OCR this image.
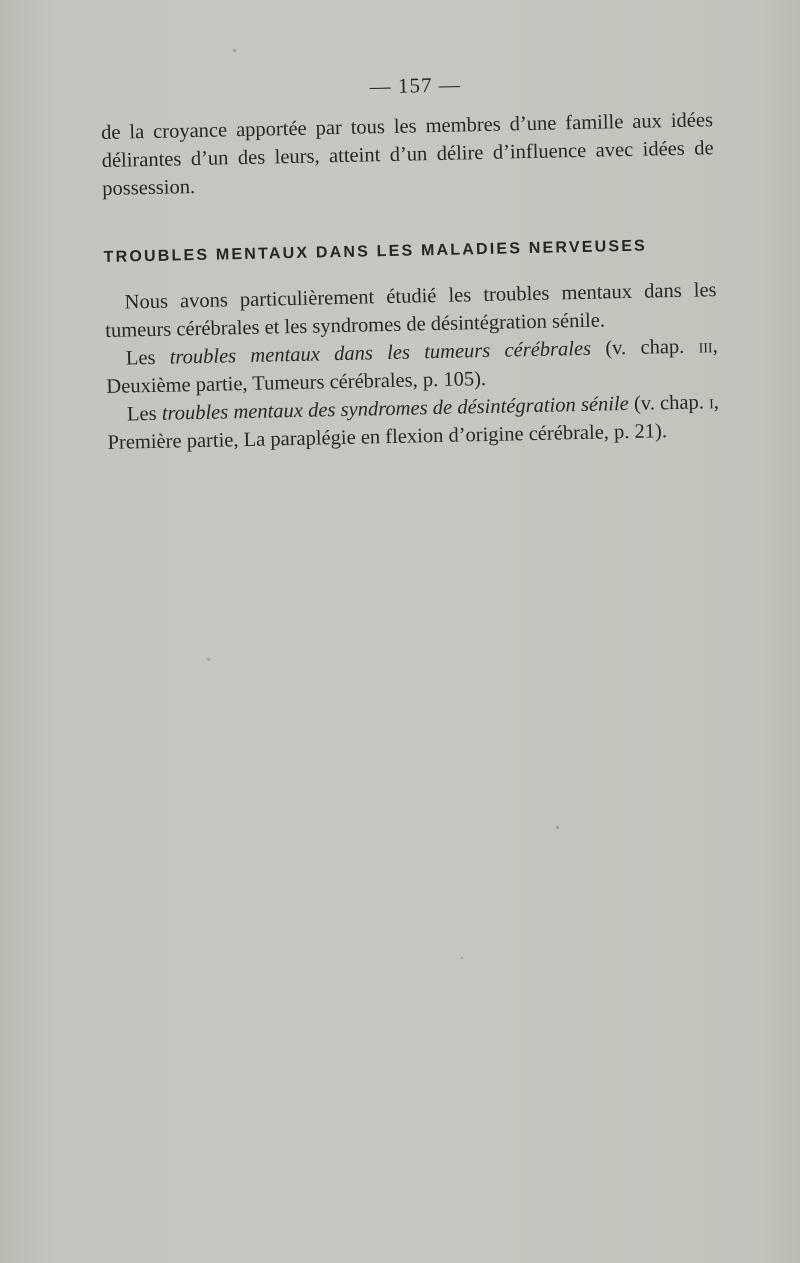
— 157 —

de la croyance apportée par tous les membres d’une famille aux idées délirantes d’un des leurs, atteint d’un délire d’influence avec idées de possession.

TROUBLES MENTAUX DANS LES MALADIES NERVEUSES

Nous avons particulièrement étudié les troubles mentaux dans les tumeurs cérébrales et les syndromes de désintégration sénile.

Les troubles mentaux dans les tumeurs cérébrales (v. chap. iii, Deuxième partie, Tumeurs cérébrales, p. 105).

Les troubles mentaux des syndromes de désintégration sénile (v. chap. i, Première partie, La paraplégie en flexion d’origine cérébrale, p. 21).
